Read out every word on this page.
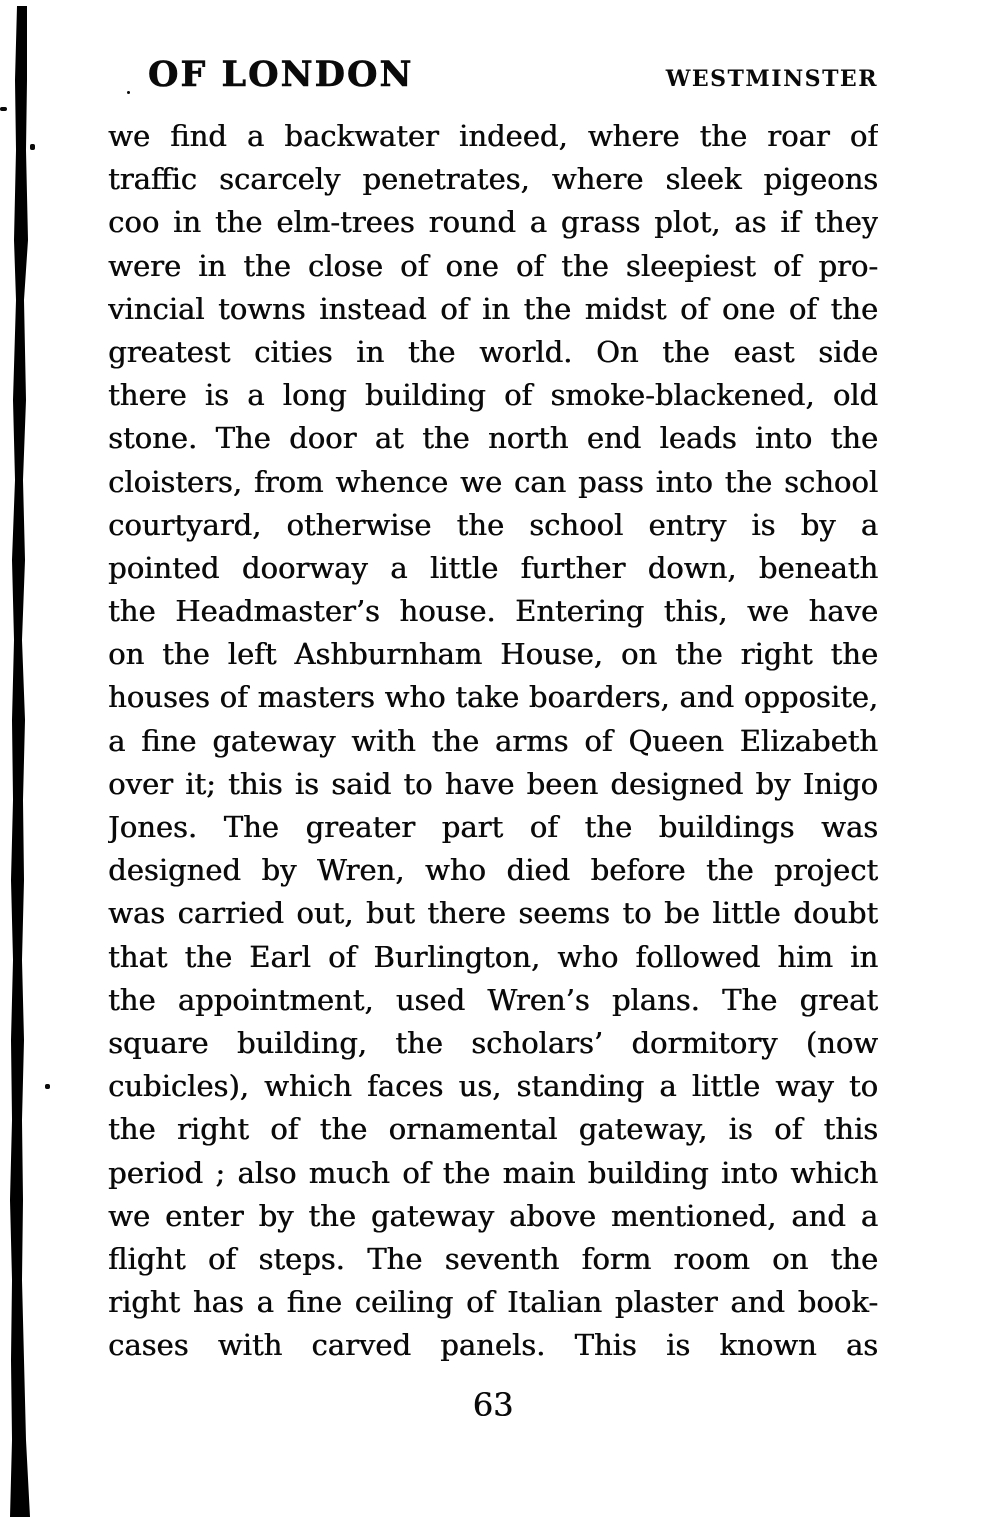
OF LONDON	WESTMINSTER
we find a backwater indeed, where the roar of
traffic scarcely penetrates, where sleek pigeons
coo in the elm-trees round a grass plot, as if they
were in the close of one of the sleepiest of pro-
vincial towns instead of in the midst of one of the
greatest cities in the world. On the east side
there is a long building of smoke-blackened, old
stone. The door at the north end leads into the
cloisters, from whence we can pass into the school
courtyard, otherwise the school entry is by a
pointed doorway a little further down, beneath
the Headmaster’s house. Entering this, we have
on the left Ashburnham House, on the right the
houses of masters who take boarders, and opposite,
a fine gateway with the arms of Queen Elizabeth
over it; this is said to have been designed by Inigo
Jones. The greater part of the buildings was
designed by Wren, who died before the project
was carried out, but there seems to be little doubt
that the Earl of Burlington, who followed him in
the appointment, used Wren’s plans. The great
square building, the scholars’ dormitory (now
cubicles), which faces us, standing a little way to
the right of the ornamental gateway, is of this
period ; also much of the main building into which
we enter by the gateway above mentioned, and a
flight of steps. The seventh form room on the
right has a fine ceiling of Italian plaster and book-
cases with carved panels. This is known as
63
